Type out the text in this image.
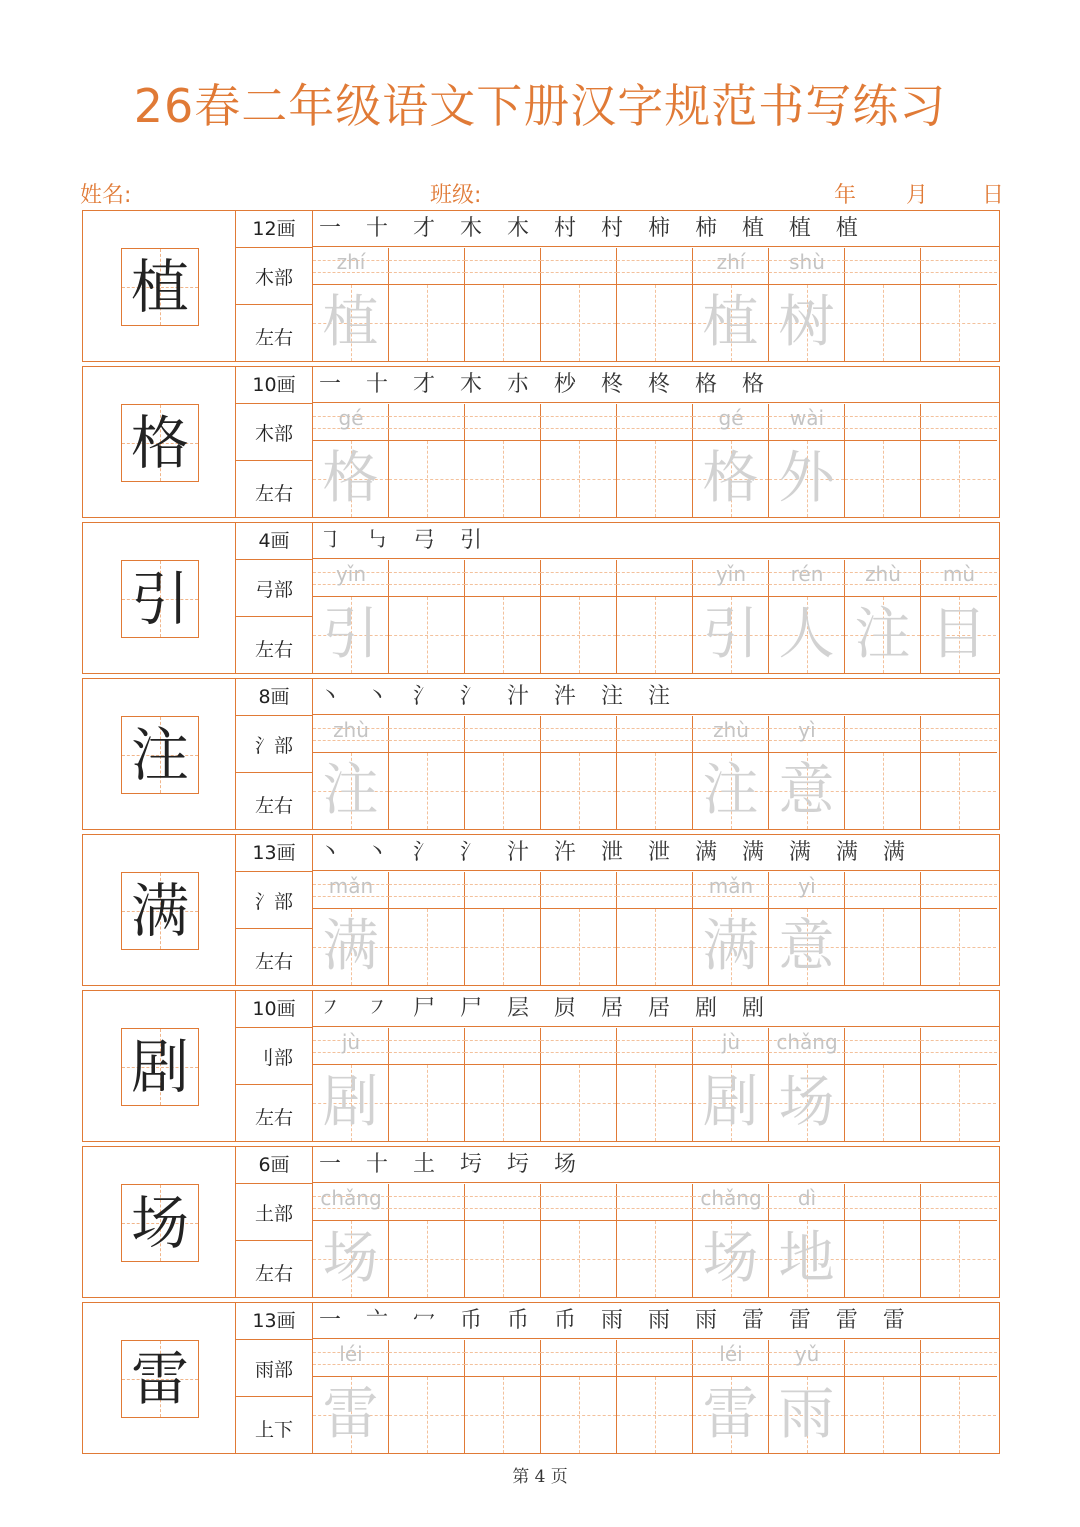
26春二年级语文下册汉字规范书写练习
姓名:	班级:	年 月 日
植
12画
木部
左右
一 十 才 木 木 村 村 柿 柿 植 植 植
zhí
植
zhí
植
shù
树
格
10画
木部
左右
一 十 才 木 朩 杪 柊 柊 格 格
gé
格
gé
格
wài
外
引
4画
弓部
左右
㇆ ㇉ 弓 引
yǐn
引
yǐn
引
rén
人
zhù
注
mù
目
注
8画
氵部
左右
丶 丶 氵 氵 汁 汼 注 注
zhù
注
zhù
注
yì
意
满
13画
氵部
左右
丶 丶 氵 氵 汁 汻 泄 泄 满 满 满 满 满
mǎn
满
mǎn
满
yì
意
剧
10画
刂部
左右
㇇ ㇇ 尸 尸 层 屃 居 居 剧 剧
jù
剧
jù
剧
chǎng
场
场
6画
土部
左右
一 十 土 圬 圬 场
chǎng
场
chǎng
场
dì
地
雷
13画
雨部
上下
一 亠 冖 币 币 币 雨 雨 雨 雷 雷 雷 雷
léi
雷
léi
雷
yǔ
雨
第 4 页
